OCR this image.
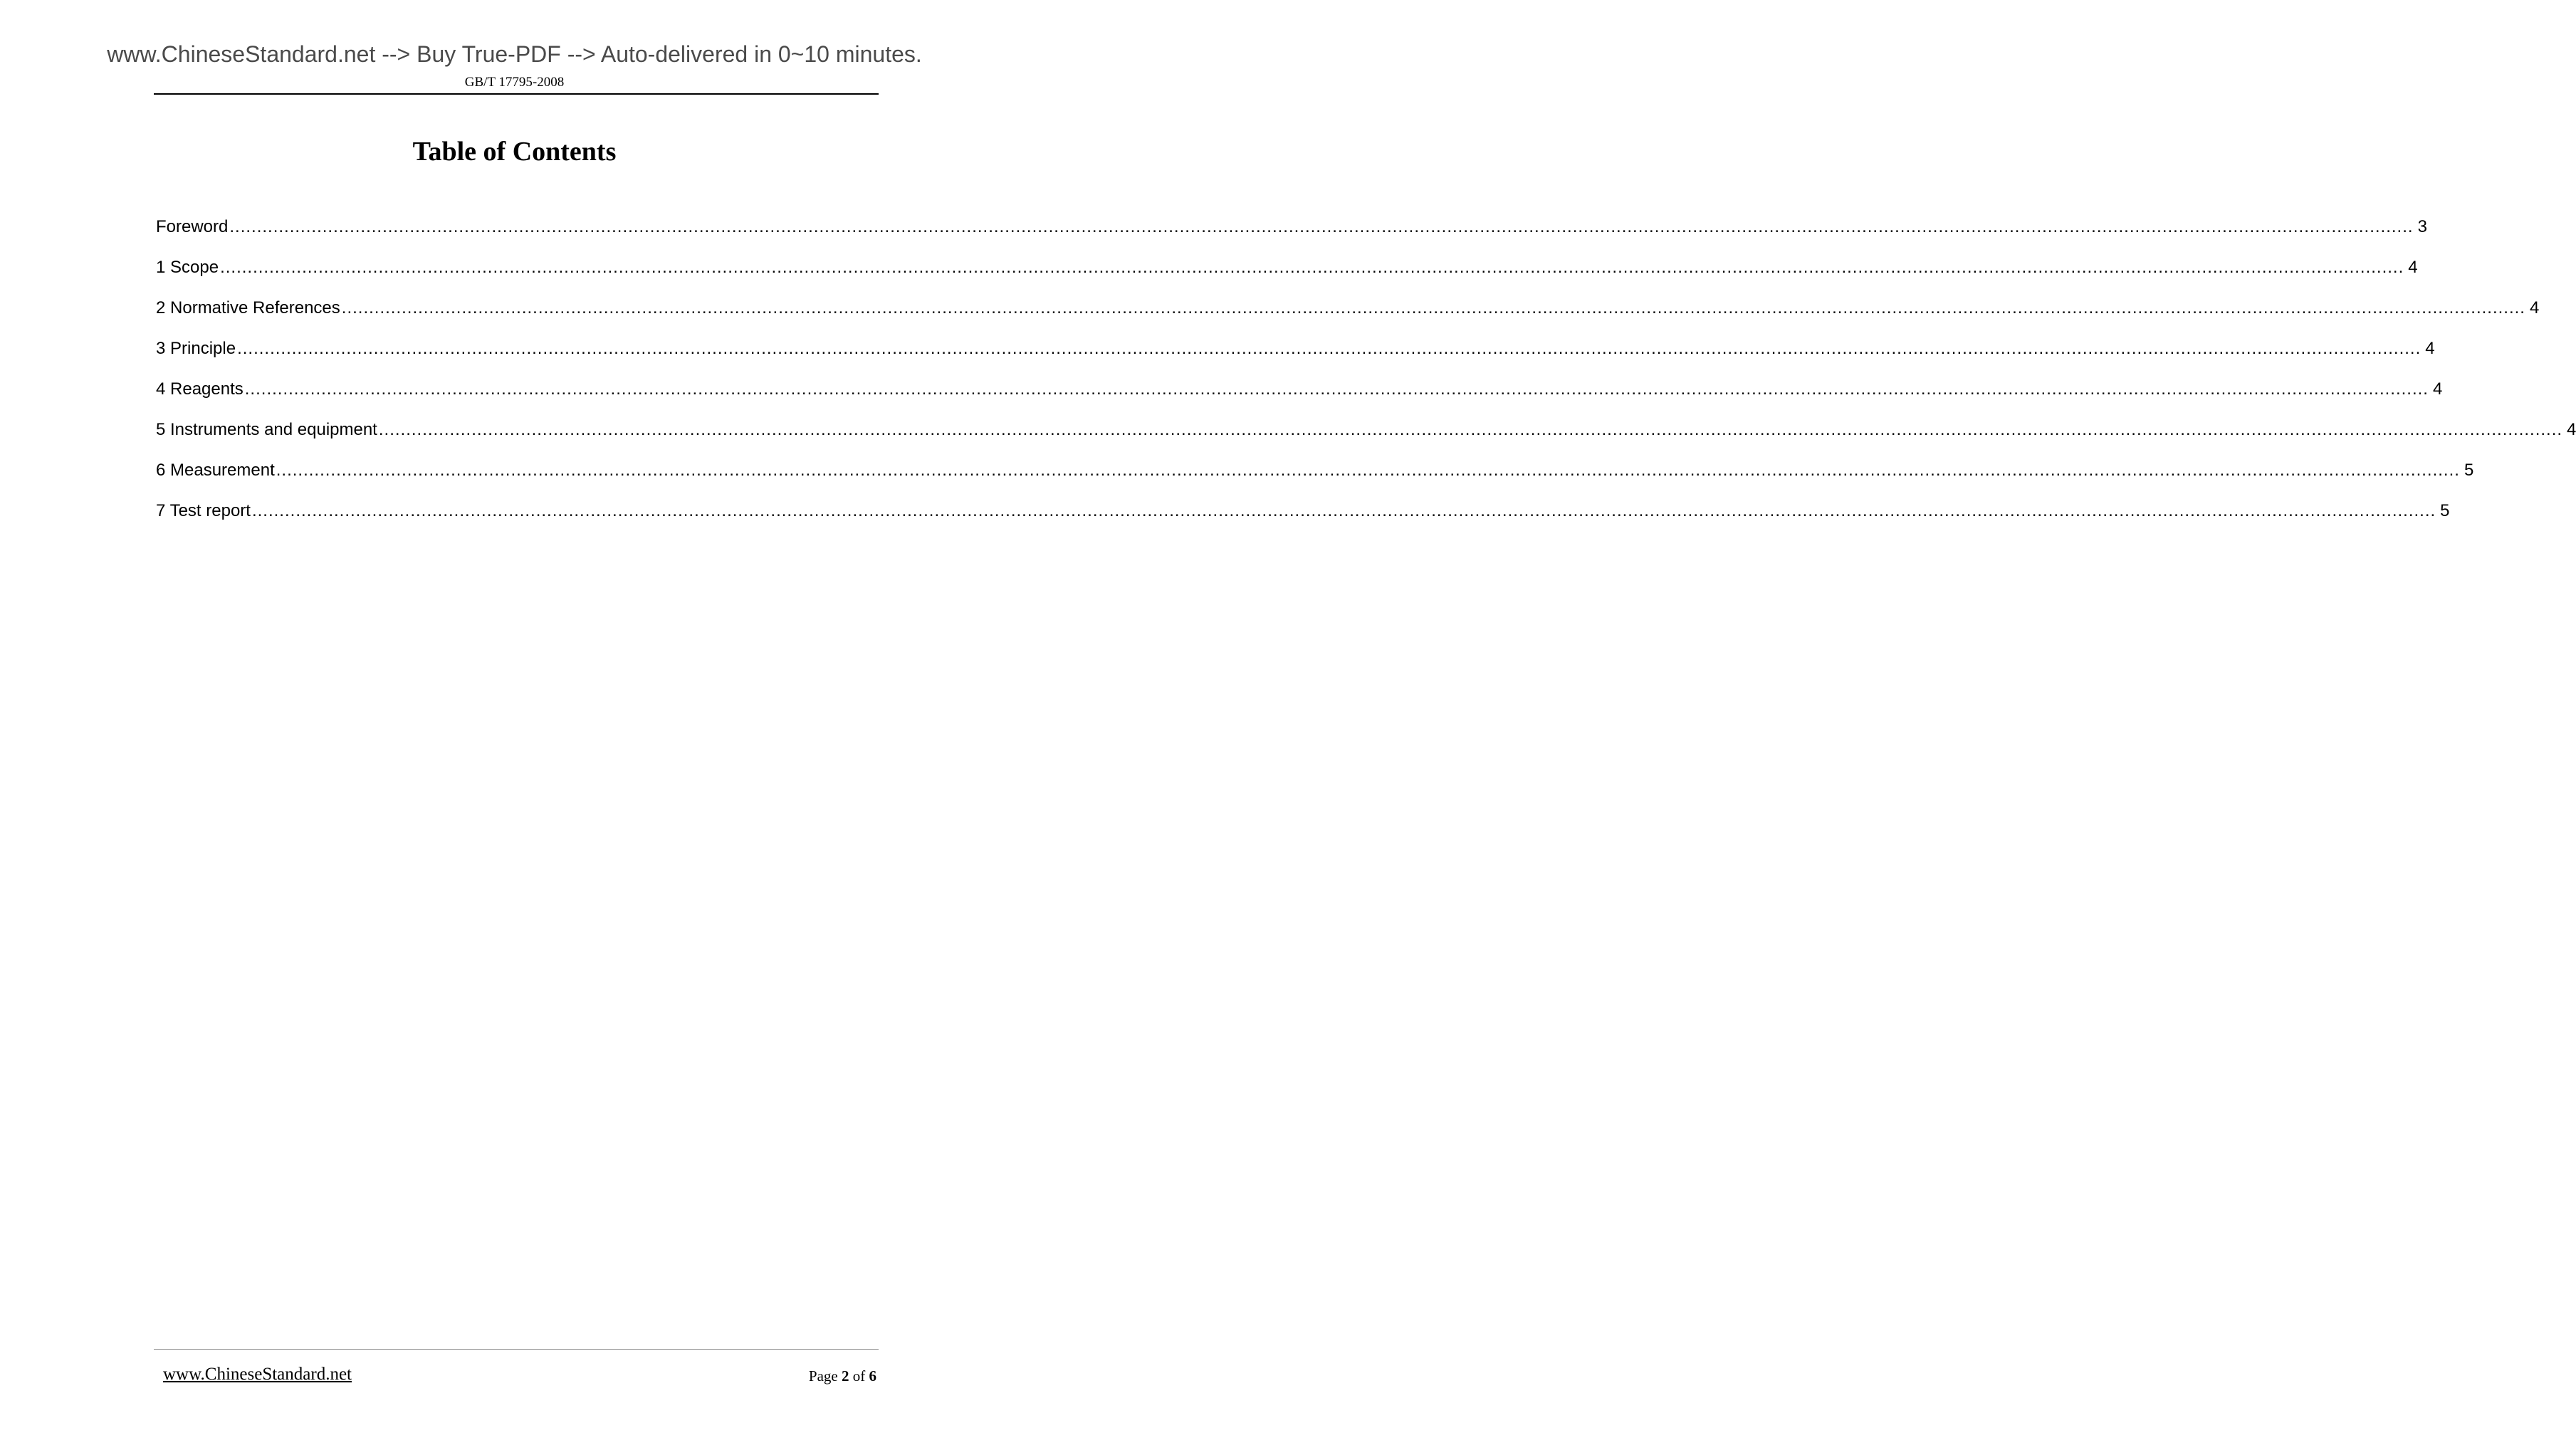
www.ChineseStandard.net --> Buy True-PDF --> Auto-delivered in 0~10 minutes.
GB/T 17795-2008
Table of Contents
Foreword ................................................................................................................................................................................................................................................................................................................................................................................................................ 3
1 Scope ................................................................................................................................................................................................................................................................................................................................................................................................................ 4
2 Normative References ................................................................................................................................................................................................................................................................................................................................................................................................................ 4
3 Principle ................................................................................................................................................................................................................................................................................................................................................................................................................ 4
4 Reagents ................................................................................................................................................................................................................................................................................................................................................................................................................ 4
5 Instruments and equipment ................................................................................................................................................................................................................................................................................................................................................................................................................ 4
6 Measurement ................................................................................................................................................................................................................................................................................................................................................................................................................ 5
7 Test report ................................................................................................................................................................................................................................................................................................................................................................................................................ 5
www.ChineseStandard.net	Page 2 of 6
